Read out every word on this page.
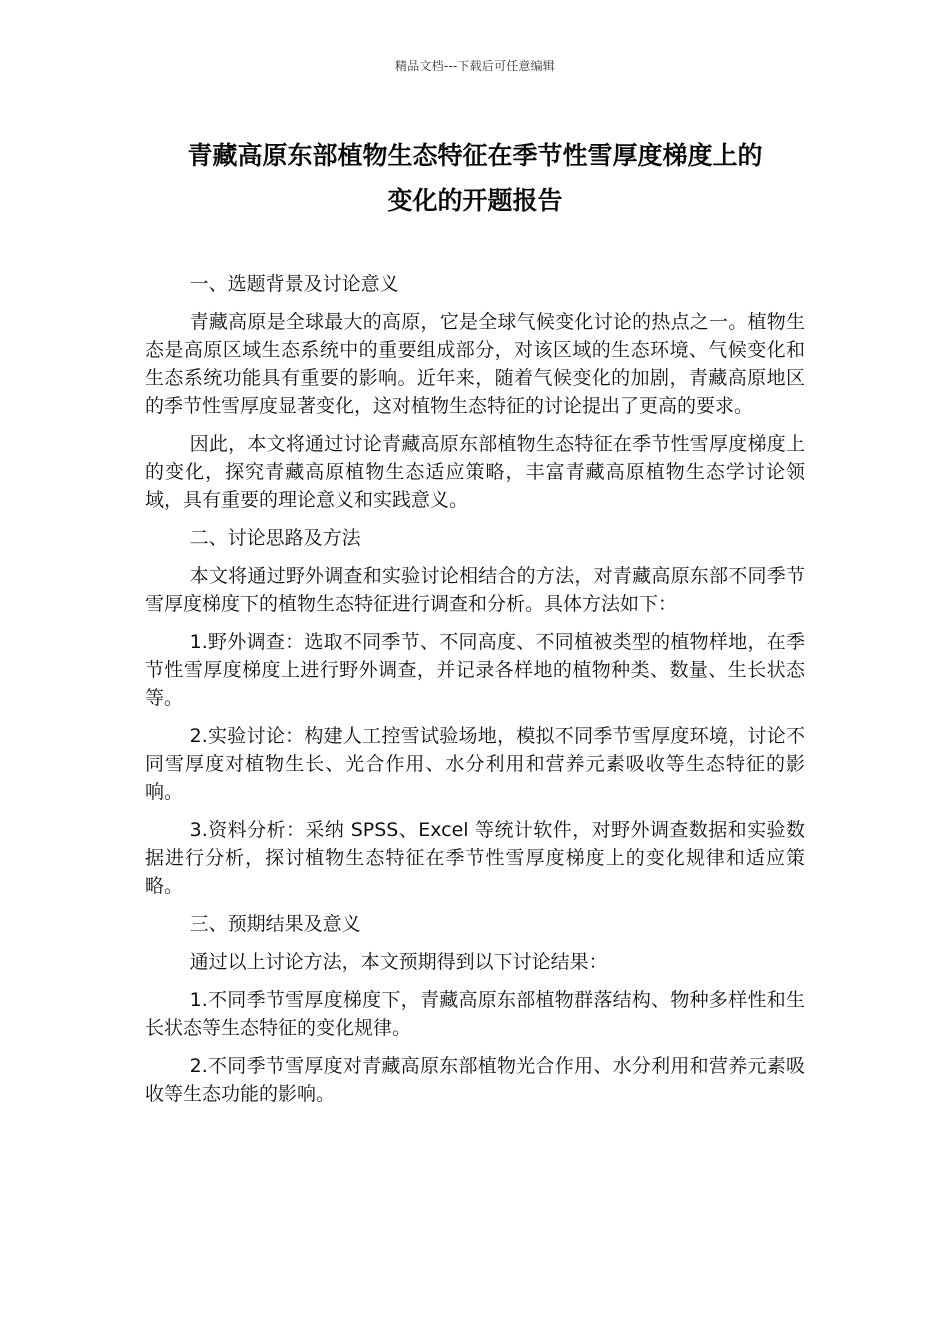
精品文档---下载后可任意编辑
青藏高原东部植物生态特征在季节性雪厚度梯度上的
变化的开题报告

一、选题背景及讨论意义

青藏高原是全球最大的高原，它是全球气候变化讨论的热点之一。植物生态是高原区域生态系统中的重要组成部分，对该区域的生态环境、气候变化和生态系统功能具有重要的影响。近年来，随着气候变化的加剧，青藏高原地区的季节性雪厚度显著变化，这对植物生态特征的讨论提出了更高的要求。

因此，本文将通过讨论青藏高原东部植物生态特征在季节性雪厚度梯度上的变化，探究青藏高原植物生态适应策略，丰富青藏高原植物生态学讨论领域，具有重要的理论意义和实践意义。

二、讨论思路及方法

本文将通过野外调查和实验讨论相结合的方法，对青藏高原东部不同季节雪厚度梯度下的植物生态特征进行调查和分析。具体方法如下：

1.野外调查：选取不同季节、不同高度、不同植被类型的植物样地，在季节性雪厚度梯度上进行野外调查，并记录各样地的植物种类、数量、生长状态等。

2.实验讨论：构建人工控雪试验场地，模拟不同季节雪厚度环境，讨论不同雪厚度对植物生长、光合作用、水分利用和营养元素吸收等生态特征的影响。

3.资料分析：采纳 SPSS、Excel 等统计软件，对野外调查数据和实验数据进行分析，探讨植物生态特征在季节性雪厚度梯度上的变化规律和适应策略。

三、预期结果及意义

通过以上讨论方法，本文预期得到以下讨论结果：

1.不同季节雪厚度梯度下，青藏高原东部植物群落结构、物种多样性和生长状态等生态特征的变化规律。

2.不同季节雪厚度对青藏高原东部植物光合作用、水分利用和营养元素吸收等生态功能的影响。
